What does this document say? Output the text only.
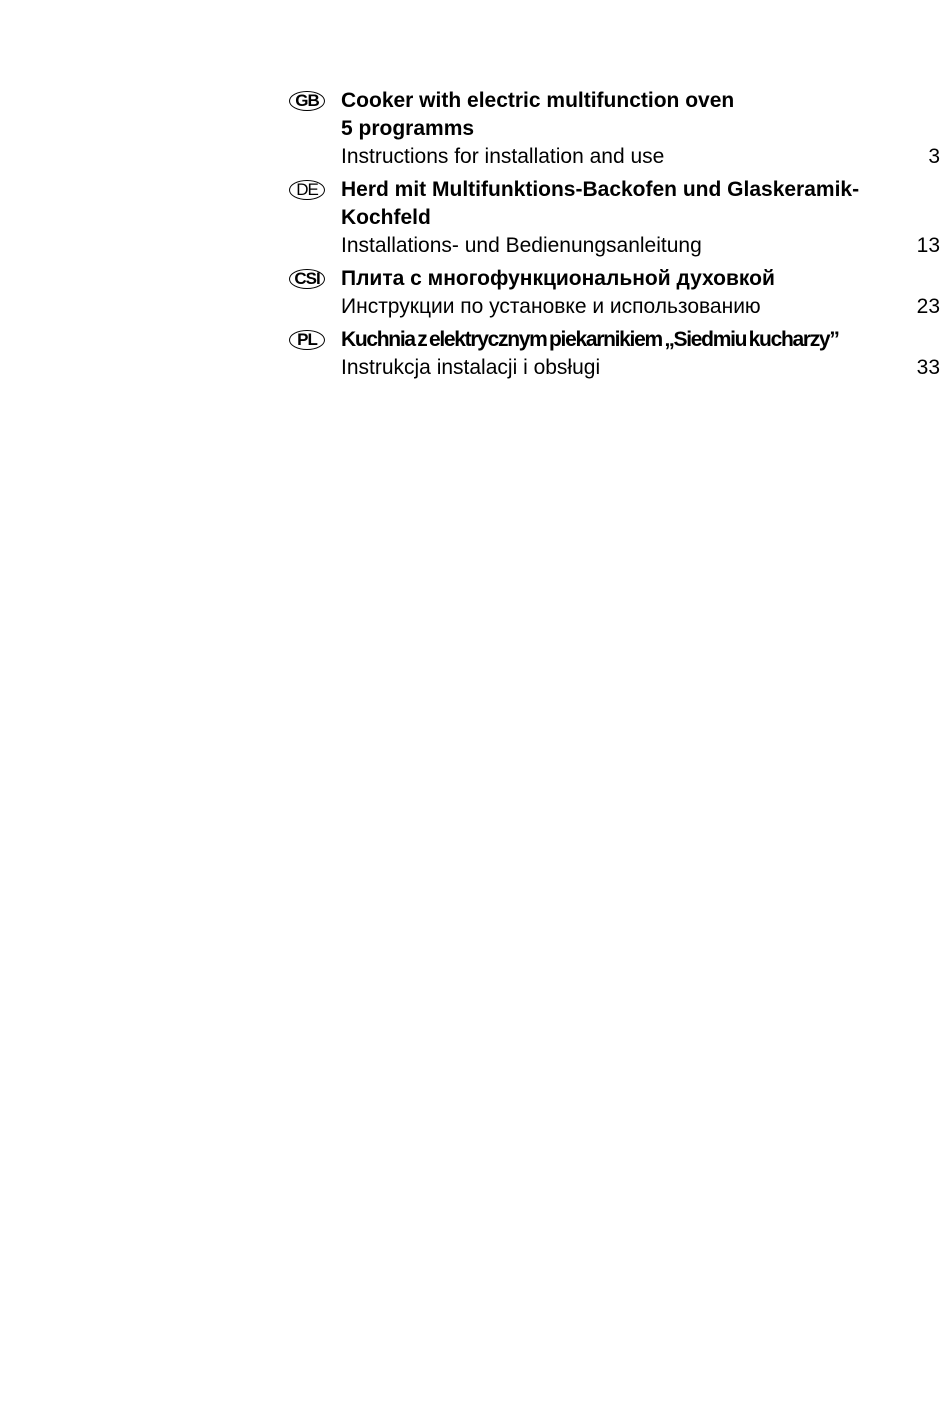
GB Cooker with electric multifunction oven
5 programms
Instructions for installation and use	3
DE	Herd mit Multifunktions-Backofen und Glaskeramik-
Kochfeld
Installations- und Bedienungsanleitung	13
CSI Плита с многофункциональной духовкой
Инструкции по установке и использованию	23
PL	Kuchnia z elektrycznym piekarnikiem „Siedmiu kucharzy”
Instrukcja instalacji i obsługi	33
